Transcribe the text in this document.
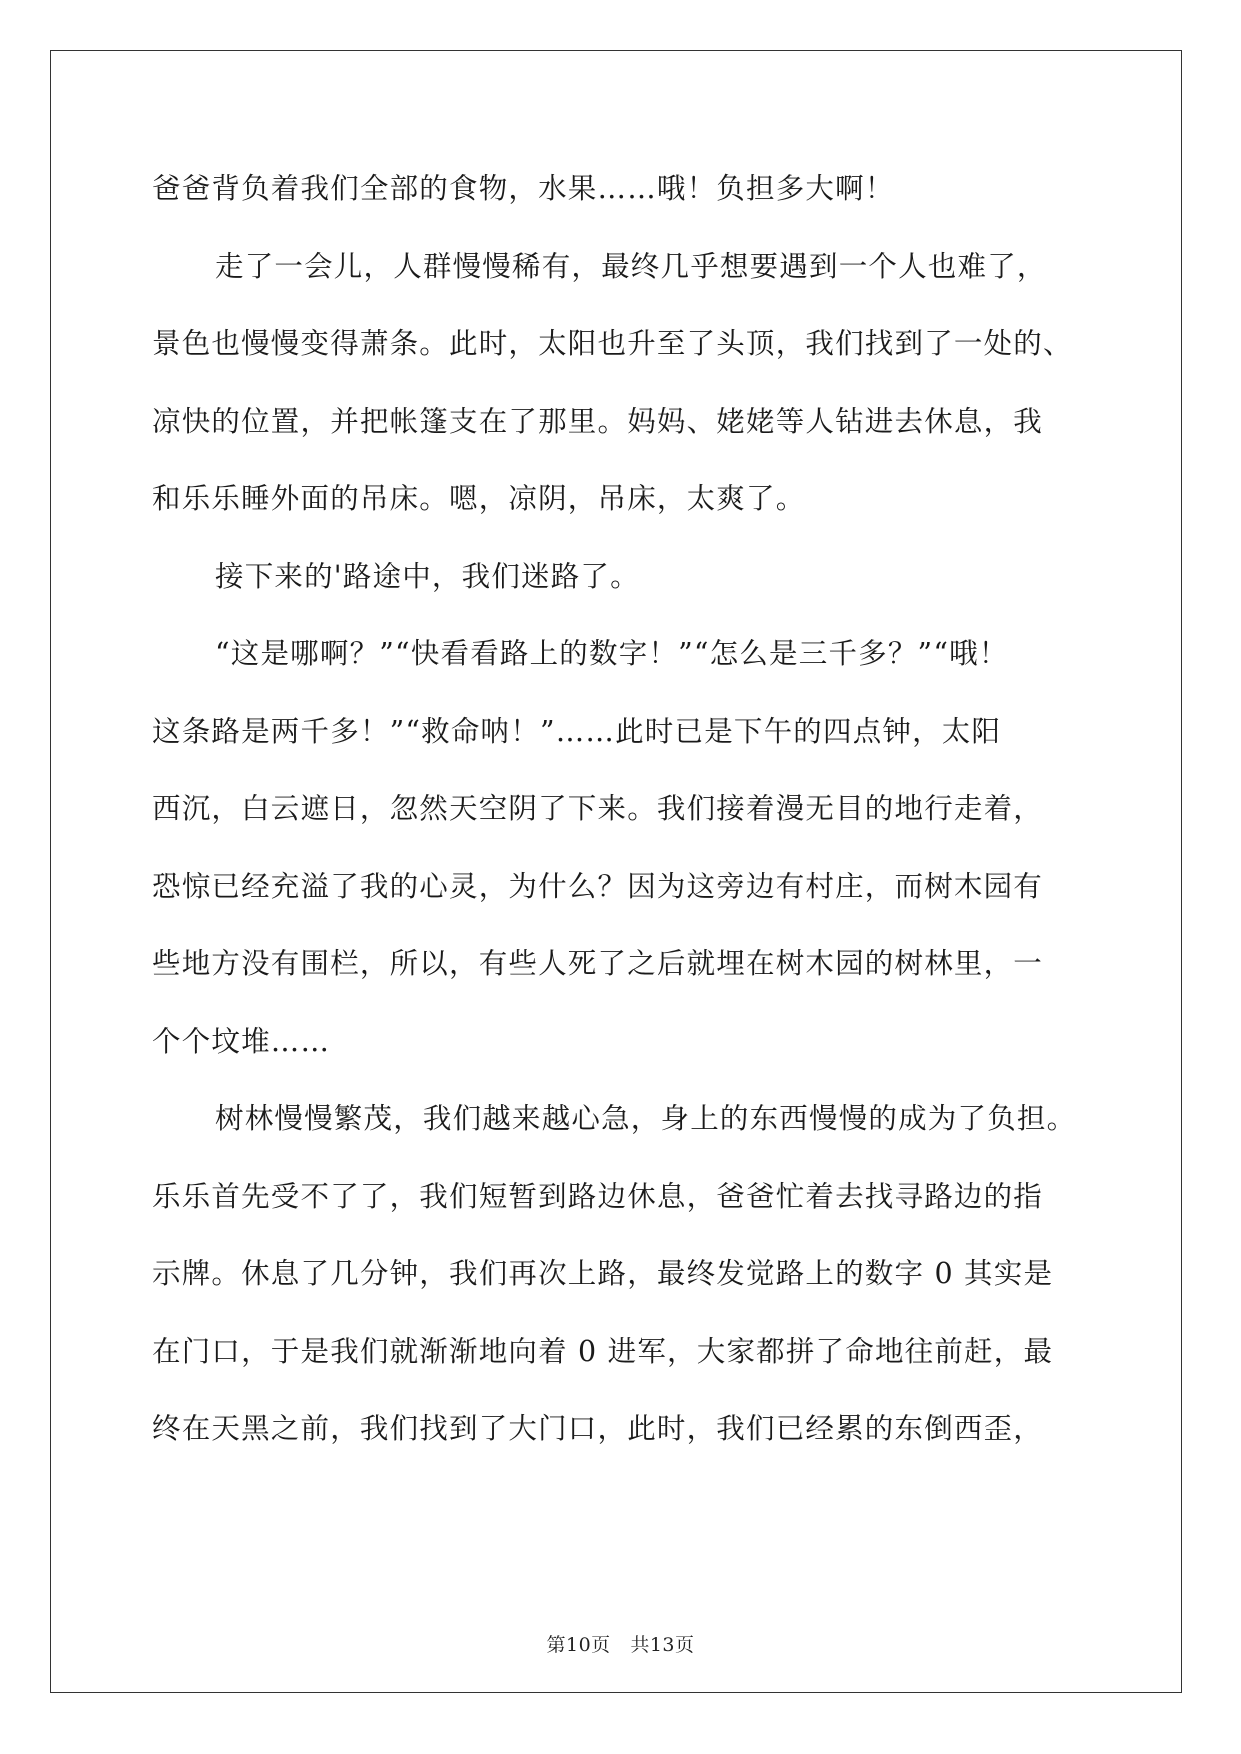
爸爸背负着我们全部的食物，水果……哦！负担多大啊！
走了一会儿，人群慢慢稀有，最终几乎想要遇到一个人也难了，
景色也慢慢变得萧条。此时，太阳也升至了头顶，我们找到了一处的、
凉快的位置，并把帐篷支在了那里。妈妈、姥姥等人钻进去休息，我
和乐乐睡外面的吊床。嗯，凉阴，吊床，太爽了。
接下来的'路途中，我们迷路了。
“这是哪啊？”“快看看路上的数字！”“怎么是三千多？”“哦！
这条路是两千多！”“救命呐！”……此时已是下午的四点钟，太阳
西沉，白云遮日，忽然天空阴了下来。我们接着漫无目的地行走着，
恐惊已经充溢了我的心灵，为什么？因为这旁边有村庄，而树木园有
些地方没有围栏，所以，有些人死了之后就埋在树木园的树林里，一
个个坟堆……
树林慢慢繁茂，我们越来越心急，身上的东西慢慢的成为了负担。
乐乐首先受不了了，我们短暂到路边休息，爸爸忙着去找寻路边的指
示牌。休息了几分钟，我们再次上路，最终发觉路上的数字 0 其实是
在门口，于是我们就渐渐地向着 0 进军，大家都拼了命地往前赶，最
终在天黑之前，我们找到了大门口，此时，我们已经累的东倒西歪，
第10页 共13页
